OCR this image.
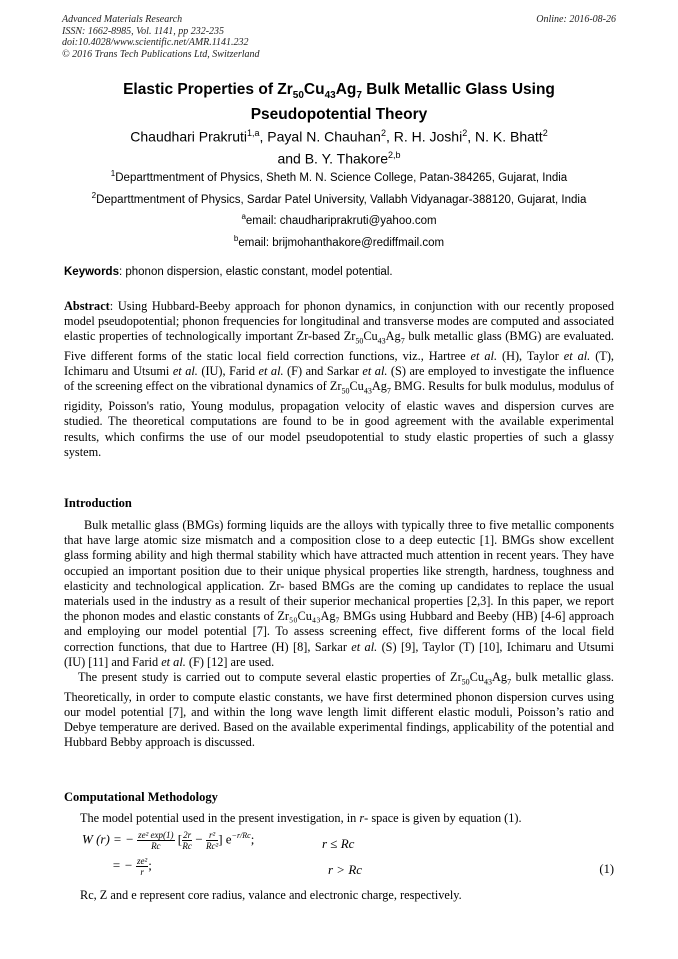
Advanced Materials Research
ISSN: 1662-8985, Vol. 1141, pp 232-235
doi:10.4028/www.scientific.net/AMR.1141.232
© 2016 Trans Tech Publications Ltd, Switzerland
Online: 2016-08-26
Elastic Properties of $Zr_{50}Cu_{43}Ag_7$ Bulk Metallic Glass Using
Pseudopotential Theory
Chaudhari Prakruti$^{1,a}$, Payal N. Chauhan$^2$, R. H. Joshi$^2$, N. K. Bhatt$^2$
and B. Y. Thakore$^{2,b}$
$^1$Departtmentment of Physics, Sheth M. N. Science College, Patan-384265, Gujarat, India
$^2$Departtmentment of Physics, Sardar Patel University, Vallabh Vidyanagar-388120, Gujarat, India
$^a$email: chaudhariprakruti@yahoo.com
$^b$email: brijmohanthakore@rediffmail.com
Keywords: phonon dispersion, elastic constant, model potential.

Abstract: Using Hubbard-Beeby approach for phonon dynamics, in conjunction with our recently proposed model pseudopotential; phonon frequencies for longitudinal and transverse modes are computed and associated elastic properties of technologically important Zr-based $Zr_{50}Cu_{43}Ag_7$ bulk metallic glass (BMG) are evaluated. Five different forms of the static local field correction functions, viz., Hartree et al. (H), Taylor et al. (T), Ichimaru and Utsumi et al. (IU), Farid et al. (F) and Sarkar et al. (S) are employed to investigate the influence of the screening effect on the vibrational dynamics of $Zr_{50}Cu_{43}Ag_7$ BMG. Results for bulk modulus, modulus of rigidity, Poisson's ratio, Young modulus, propagation velocity of elastic waves and dispersion curves are studied. The theoretical computations are found to be in good agreement with the available experimental results, which confirms the use of our model pseudopotential to study elastic properties of such a glassy system.

Introduction

Bulk metallic glass (BMGs) forming liquids are the alloys with typically three to five metallic components that have large atomic size mismatch and a composition close to a deep eutectic [1]. BMGs show excellent glass forming ability and high thermal stability which have attracted much attention in recent years. They have occupied an important position due to their unique physical properties like strength, hardness, toughness and elasticity and technological application. Zr- based BMGs are the coming up candidates to replace the usual materials used in the industry as a result of their superior mechanical properties [2,3]. In this paper, we report the phonon modes and elastic constants of Zr₅₀Cu₄₃Ag₇ BMGs using Hubbard and Beeby (HB) [4-6] approach and employing our model potential [7]. To assess screening effect, five different forms of the local field correction functions, that due to Hartree (H) [8], Sarkar et al. (S) [9], Taylor (T) [10], Ichimaru and Utsumi (IU) [11] and Farid et al. (F) [12] are used.

The present study is carried out to compute several elastic properties of $Zr_{50}Cu_{43}Ag_7$ bulk metallic glass. Theoretically, in order to compute elastic constants, we have first determined phonon dispersion curves using our model potential [7], and within the long wave length limit different elastic moduli, Poisson’s ratio and Debye temperature are derived. Based on the available experimental findings, applicability of the potential and Hubbard Bebby approach is discussed.

Computational Methodology
The model potential used in the present investigation, in r- space is given by equation (1).
W (r) = − $\frac{\text{ze² exp(1)}}{Rc}$ [ $\frac{2r}{Rc} - \frac{\text{r²}}{\text{Rc²}}$ ] $e^{-r/Rc}$;	r ≤ Rc
= − $\frac{\text{ze²}}{r}$ ;	r > Rc	(1)
Rc, Z and e represent core radius, valance and electronic charge, respectively.
